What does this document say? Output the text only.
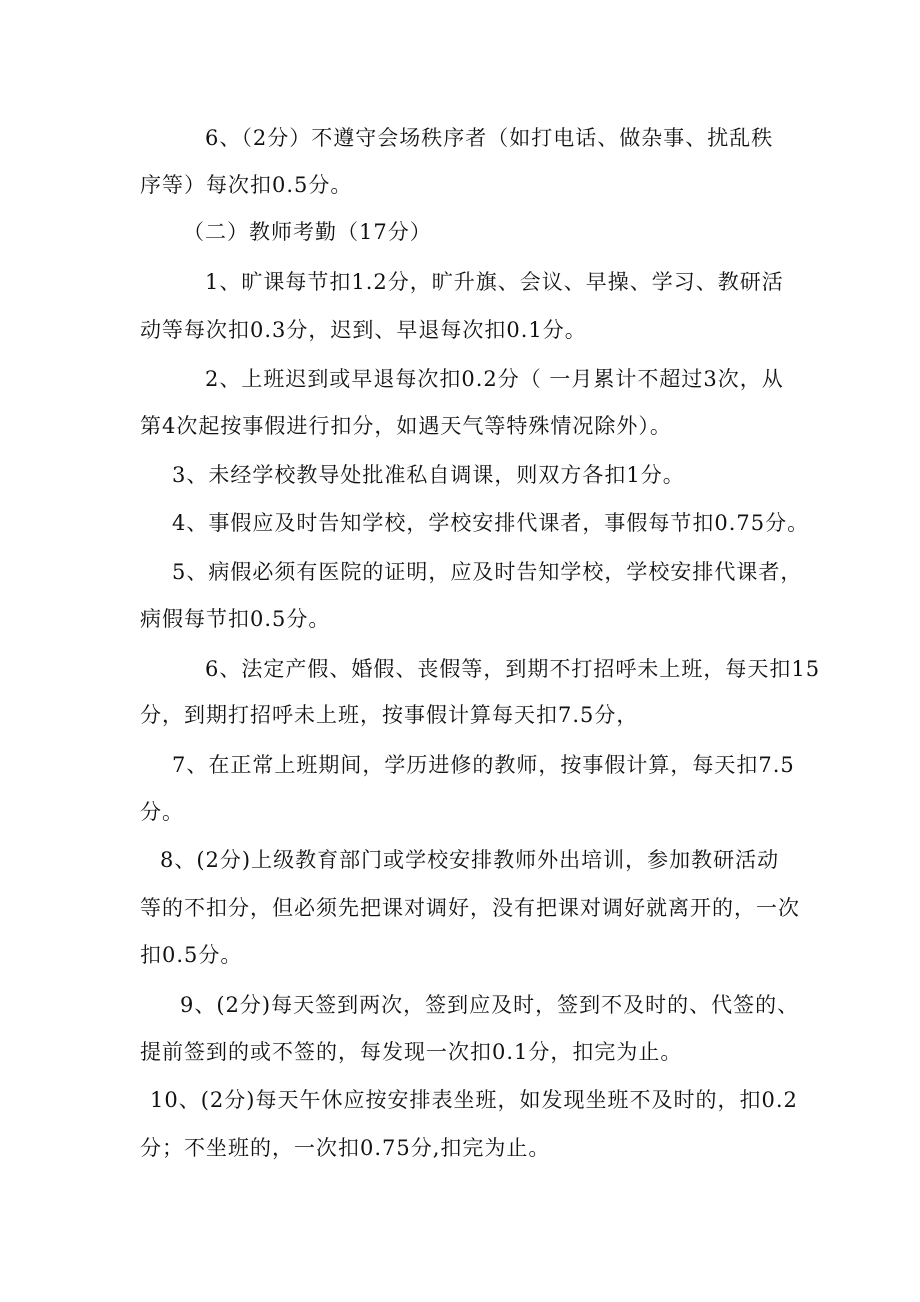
6、（2分）不遵守会场秩序者（如打电话、做杂事、扰乱秩
序等）每次扣0.5分。
（二）教师考勤（17分）
1、旷课每节扣1.2分，旷升旗、会议、早操、学习、教研活
动等每次扣0.3分，迟到、早退每次扣0.1分。
2、上班迟到或早退每次扣0.2分（ 一月累计不超过3次，从
第4次起按事假进行扣分，如遇天气等特殊情况除外）。
3、未经学校教导处批准私自调课，则双方各扣1分。
4、事假应及时告知学校，学校安排代课者，事假每节扣0.75分。
5、病假必须有医院的证明，应及时告知学校，学校安排代课者，
病假每节扣0.5分。
6、法定产假、婚假、丧假等，到期不打招呼未上班，每天扣15
分，到期打招呼未上班，按事假计算每天扣7.5分，
7、在正常上班期间，学历进修的教师，按事假计算，每天扣7.5
分。
8、(2分)上级教育部门或学校安排教师外出培训，参加教研活动
等的不扣分，但必须先把课对调好，没有把课对调好就离开的，一次
扣0.5分。
9、(2分)每天签到两次，签到应及时，签到不及时的、代签的、
提前签到的或不签的，每发现一次扣0.1分，扣完为止。
10、(2分)每天午休应按安排表坐班，如发现坐班不及时的，扣0.2
分；不坐班的，一次扣0.75分,扣完为止。
